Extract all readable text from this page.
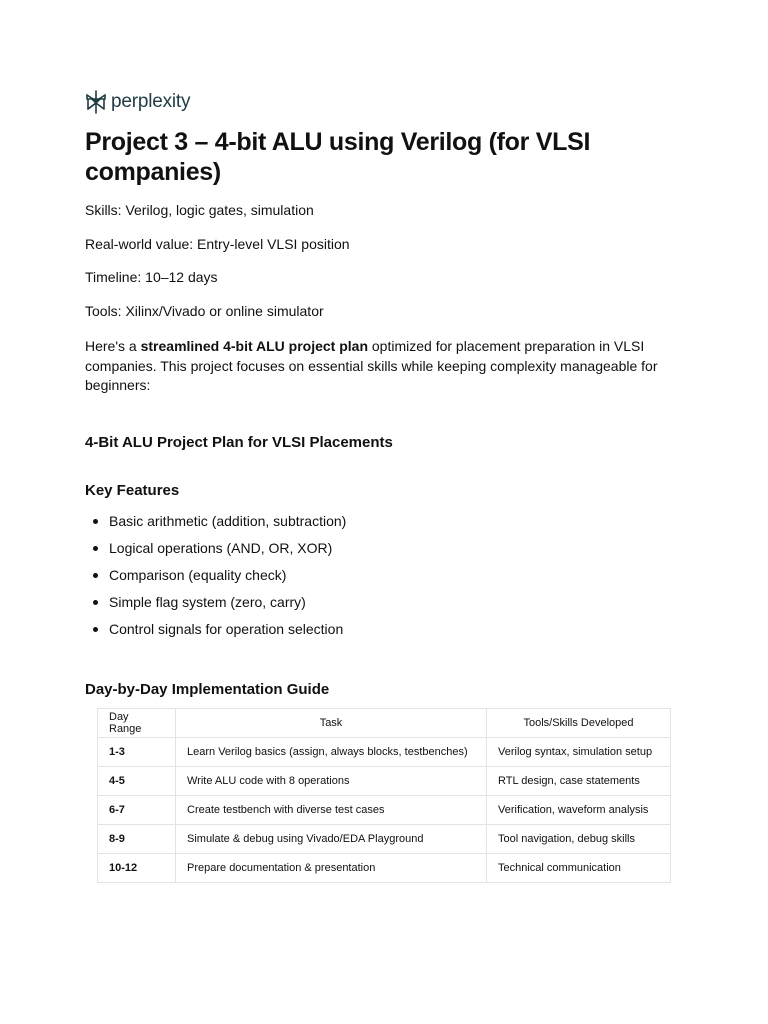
perplexity
Project 3 – 4-bit ALU using Verilog (for VLSI companies)

Skills: Verilog, logic gates, simulation

Real-world value: Entry-level VLSI position

Timeline: 10–12 days

Tools: Xilinx/Vivado or online simulator

Here's a streamlined 4-bit ALU project plan optimized for placement preparation in VLSI companies. This project focuses on essential skills while keeping complexity manageable for beginners:

4-Bit ALU Project Plan for VLSI Placements
Key Features
Basic arithmetic (addition, subtraction)
Logical operations (AND, OR, XOR)
Comparison (equality check)
Simple flag system (zero, carry)
Control signals for operation selection
Day-by-Day Implementation Guide
Day Range	Task	Tools/Skills Developed
1-3	Learn Verilog basics (assign, always blocks, testbenches)	Verilog syntax, simulation setup
4-5	Write ALU code with 8 operations	RTL design, case statements
6-7	Create testbench with diverse test cases	Verification, waveform analysis
8-9	Simulate & debug using Vivado/EDA Playground	Tool navigation, debug skills
10-12	Prepare documentation & presentation	Technical communication
